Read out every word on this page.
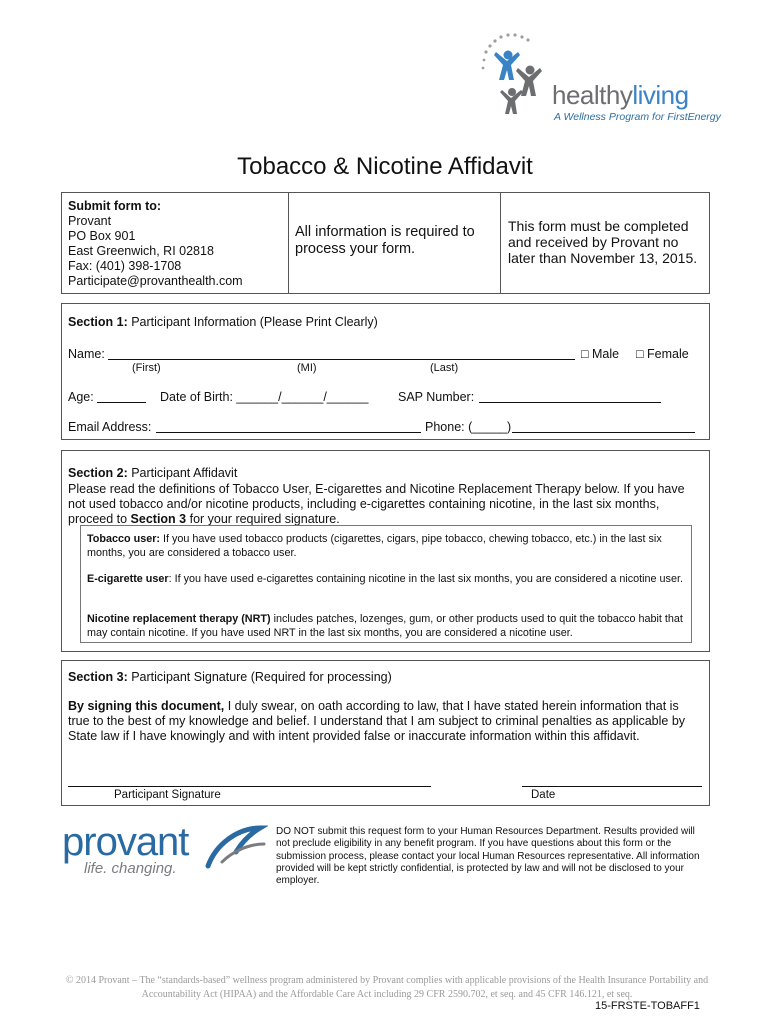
healthyliving
A Wellness Program for FirstEnergy
Tobacco & Nicotine Affidavit
Submit form to:
Provant
PO Box 901
East Greenwich, RI 02818
Fax: (401) 398-1708
Participate@provanthealth.com
All information is required to process your form.
This form must be completed and received by Provant no later than November 13, 2015.
Section 1: Participant Information (Please Print Clearly)
Name:	□ Male □ Female
(First)	(MI)	(Last)
Age:	Date of Birth: ______/______/______ SAP Number:
Email Address:	Phone: (_____)
Section 2: Participant Affidavit
Please read the definitions of Tobacco User, E-cigarettes and Nicotine Replacement Therapy below. If you have not used tobacco and/or nicotine products, including e-cigarettes containing nicotine, in the last six months, proceed to Section 3 for your required signature.
Tobacco user: If you have used tobacco products (cigarettes, cigars, pipe tobacco, chewing tobacco, etc.) in the last six months, you are considered a tobacco user.
E-cigarette user: If you have used e-cigarettes containing nicotine in the last six months, you are considered a nicotine user.
Nicotine replacement therapy (NRT) includes patches, lozenges, gum, or other products used to quit the tobacco habit that may contain nicotine. If you have used NRT in the last six months, you are considered a nicotine user.
Section 3: Participant Signature (Required for processing)
By signing this document, I duly swear, on oath according to law, that I have stated herein information that is true to the best of my knowledge and belief. I understand that I am subject to criminal penalties as applicable by State law if I have knowingly and with intent provided false or inaccurate information within this affidavit.
Participant Signature	Date
provant
life. changing.
DO NOT submit this request form to your Human Resources Department. Results provided will not preclude eligibility in any benefit program. If you have questions about this form or the submission process, please contact your local Human Resources representative. All information provided will be kept strictly confidential, is protected by law and will not be disclosed to your employer.
© 2014 Provant – The “standards-based” wellness program administered by Provant complies with applicable provisions of the Health Insurance Portability and Accountability Act (HIPAA) and the Affordable Care Act including 29 CFR 2590.702, et seq. and 45 CFR 146.121, et seq.
15-FRSTE-TOBAFF1
